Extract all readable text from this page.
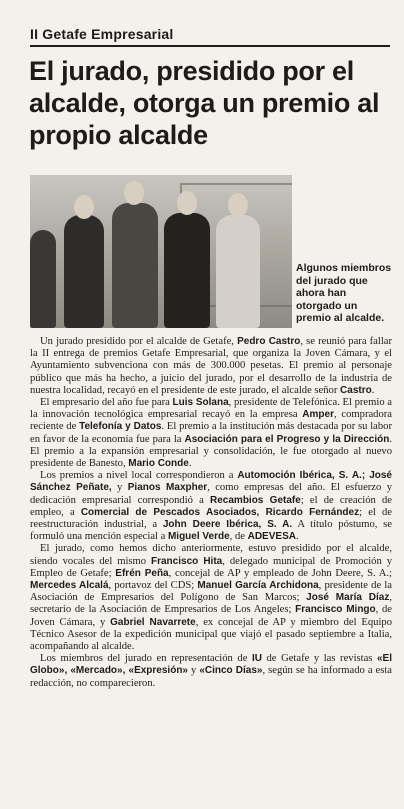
II Getafe Empresarial
El jurado, presidido por el alcalde, otorga un premio al propio alcalde
Algunos miembros del jurado que ahora han otorgado un premio al alcalde.

Un jurado presidido por el alcalde de Getafe, Pedro Castro, se reunió para fallar la II entrega de premios Getafe Empresarial, que organiza la Joven Cámara, y el Ayuntamiento subvenciona con más de 300.000 pesetas. El premio al personaje público que más ha hecho, a juicio del jurado, por el desarrollo de la industria de nuestra localidad, recayó en el presidente de este jurado, el alcalde señor Castro.

El empresario del año fue para Luis Solana, presidente de Telefónica. El premio a la innovación tecnológica empresarial recayó en la empresa Amper, compradora reciente de Telefonía y Datos. El premio a la institución más destacada por su labor en favor de la economía fue para la Asociación para el Progreso y la Dirección. El premio a la expansión empresarial y consolidación, le fue otorgado al nuevo presidente de Banesto, Mario Conde.

Los premios a nivel local correspondieron a Automoción Ibérica, S. A.; José Sánchez Peñate, y Pianos Maxpher, como empresas del año. El esfuerzo y dedicación empresarial correspondió a Recambios Getafe; el de creación de empleo, a Comercial de Pescados Asociados, Ricardo Fernández; el de reestructuración industrial, a John Deere Ibérica, S. A. A título póstumo, se formuló una mención especial a Miguel Verde, de ADEVESA.

El jurado, como hemos dicho anteriormente, estuvo presidido por el alcalde, siendo vocales del mismo Francisco Hita, delegado municipal de Promoción y Empleo de Getafe; Efrén Peña, concejal de AP y empleado de John Deere, S. A.; Mercedes Alcalá, portavoz del CDS; Manuel García Archidona, presidente de la Asociación de Empresarios del Polígono de San Marcos; José María Díaz, secretario de la Asociación de Empresarios de Los Angeles; Francisco Mingo, de Joven Cámara, y Gabriel Navarrete, ex concejal de AP y miembro del Equipo Técnico Asesor de la expedición municipal que viajó el pasado septiembre a Italia, acompañando al alcalde.

Los miembros del jurado en representación de IU de Getafe y las revistas «El Globo», «Mercado», «Expresión» y «Cinco Días», según se ha informado a esta redacción, no comparecieron.
